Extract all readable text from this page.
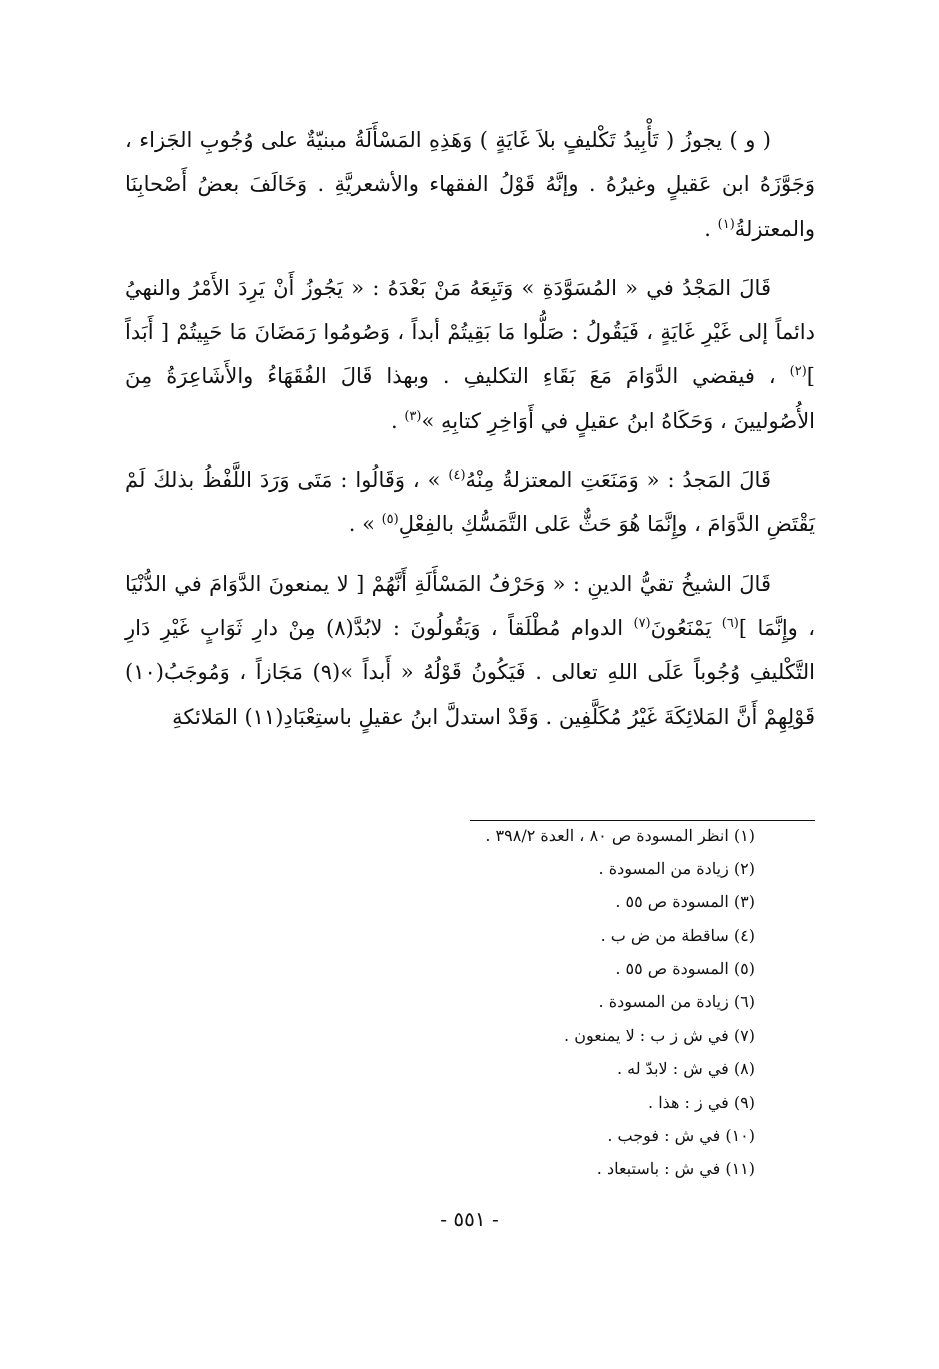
( و ) يجوزُ ( تَأْبِيدُ تَكْليفٍ بلاَ غَايَةٍ ) وَهَذِهِ المَسْأَلَةُ مبنيّةٌ على وُجُوبِ الجَزاء ، وَجَوَّزَهُ ابن عَقيلٍ وغيرُهُ . وإنَّهُ قَوْلُ الفقهاء والأشعريَّةِ . وَخَالَفَ بعضُ أَصْحابِنَا والمعتزلةُ$^{(١)}$ .

قَالَ المَجْدُ في « المُسَوَّدَةِ » وَتَبِعَهُ مَنْ بَعْدَهُ : « يَجُوزُ أَنْ يَرِدَ الأَمْرُ والنهيُ دائماً إلى غَيْرِ غَايَةٍ ، فَيَقُولُ : صَلُّوا مَا بَقِيتُمْ أبداً ، وَصُومُوا رَمَضَانَ مَا حَيِيتُمْ [ أَبَداً ]$^{(٢)}$ ، فيقضي الدَّوَامَ مَعَ بَقَاءِ التكليفِ . وبهذا قَالَ الفُقَهَاءُ والأَشَاعِرَةُ مِنَ الأُصُوليينَ ، وَحَكَاهُ ابنُ عقيلٍ في أَوَاخِرِ كتابِهِ »$^{(٣)}$ .

قَالَ المَجدُ : « وَمَنَعَتِ المعتزلةُ مِنْهُ$^{(٤)}$ » ، وَقَالُوا : مَتَى وَرَدَ اللَّفْظُ بذلكَ لَمْ يَقْتَضِ الدَّوَامَ ، وإِنَّمَا هُوَ حَثٌّ عَلى التَّمَسُّكِ بالفِعْلِ$^{(٥)}$ » .

قَالَ الشيخُ تقيُّ الدينِ : « وَحَرْفُ المَسْأَلَةِ أَنَّهُمْ [ لا يمنعونَ الدَّوَامَ في الدُّنْيَا ، وإِنَّمَا ]$^{(٦)}$ يَمْنَعُونَ$^{(٧)}$ الدوام مُطْلَقاً ، وَيَقُولُونَ : لابُدَّ(٨) مِنْ دارِ ثَوَابٍ غَيْرِ دَارِ التَّكْليفِ وُجُوباً عَلَى اللهِ تعالى . فَيَكُونُ قَوْلُهُ « أَبداً »(٩) مَجَازاً ، وَمُوجَبُ(١٠) قَوْلِهِمْ أَنَّ المَلائِكَةَ غَيْرُ مُكَلَّفِين . وَقَدْ استدلَّ ابنُ عقيلٍ باستِعْبَادِ(١١) المَلائكةِ

(١) انظر المسودة ص ٨٠ ، العدة ٣٩٨/٢ .
(٢) زيادة من المسودة .
(٣) المسودة ص ٥٥ .
(٤) ساقطة من ض ب .
(٥) المسودة ص ٥٥ .
(٦) زيادة من المسودة .
(٧) في ش ز ب : لا يمنعون .
(٨) في ش : لابدّ له .
(٩) في ز : هذا .
(١٠) في ش : فوجب .
(١١) في ش : باستبعاد .
- ٥٥١ -
